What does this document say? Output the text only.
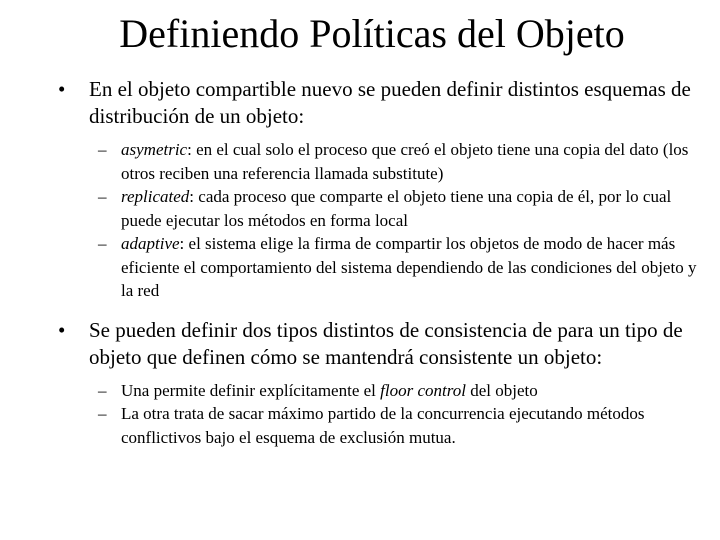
Definiendo Políticas del Objeto
• En el objeto compartible nuevo se pueden definir distintos esquemas de distribución de un objeto:
– asymetric: en el cual solo el proceso que creó el objeto tiene una copia del dato (los otros reciben una referencia llamada substitute)
– replicated: cada proceso que comparte el objeto tiene una copia de él, por lo cual puede ejecutar los métodos en forma local
– adaptive: el sistema elige la firma de compartir los objetos de modo de hacer más eficiente el comportamiento del sistema dependiendo de las condiciones del objeto y la red
• Se pueden definir dos tipos distintos de consistencia de para un tipo de objeto que definen cómo se mantendrá consistente un objeto:
– Una permite definir explícitamente el floor control del objeto
– La otra trata de sacar máximo partido de la concurrencia ejecutando métodos conflictivos bajo el esquema de exclusión mutua.
